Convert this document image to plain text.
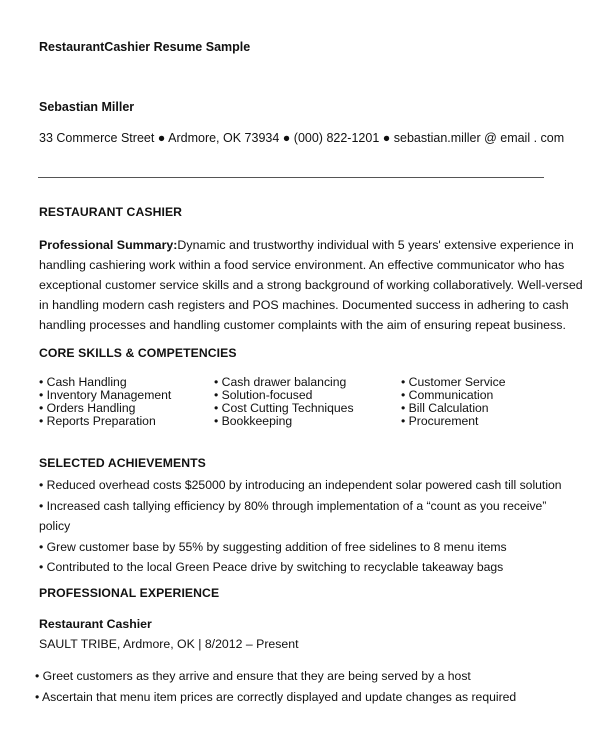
RestaurantCashier Resume Sample
Sebastian Miller
33 Commerce Street ● Ardmore, OK 73934 ● (000) 822-1201 ● sebastian.miller @ email . com
RESTAURANT CASHIER
Professional Summary:Dynamic and trustworthy individual with 5 years' extensive experience in
handling cashiering work within a food service environment. An effective communicator who has
exceptional customer service skills and a strong background of working collaboratively. Well-versed
in handling modern cash registers and POS machines. Documented success in adhering to cash
handling processes and handling customer complaints with the aim of ensuring repeat business.
CORE SKILLS & COMPETENCIES
• Cash Handling
• Inventory Management
• Orders Handling
• Reports Preparation
• Cash drawer balancing
• Solution-focused
• Cost Cutting Techniques
• Bookkeeping
• Customer Service
• Communication
• Bill Calculation
• Procurement
SELECTED ACHIEVEMENTS
• Reduced overhead costs $25000 by introducing an independent solar powered cash till solution
• Increased cash tallying efficiency by 80% through implementation of a “count as you receive”
policy
• Grew customer base by 55% by suggesting addition of free sidelines to 8 menu items
• Contributed to the local Green Peace drive by switching to recyclable takeaway bags
PROFESSIONAL EXPERIENCE
Restaurant Cashier
SAULT TRIBE, Ardmore, OK | 8/2012 – Present
• Greet customers as they arrive and ensure that they are being served by a host
• Ascertain that menu item prices are correctly displayed and update changes as required
